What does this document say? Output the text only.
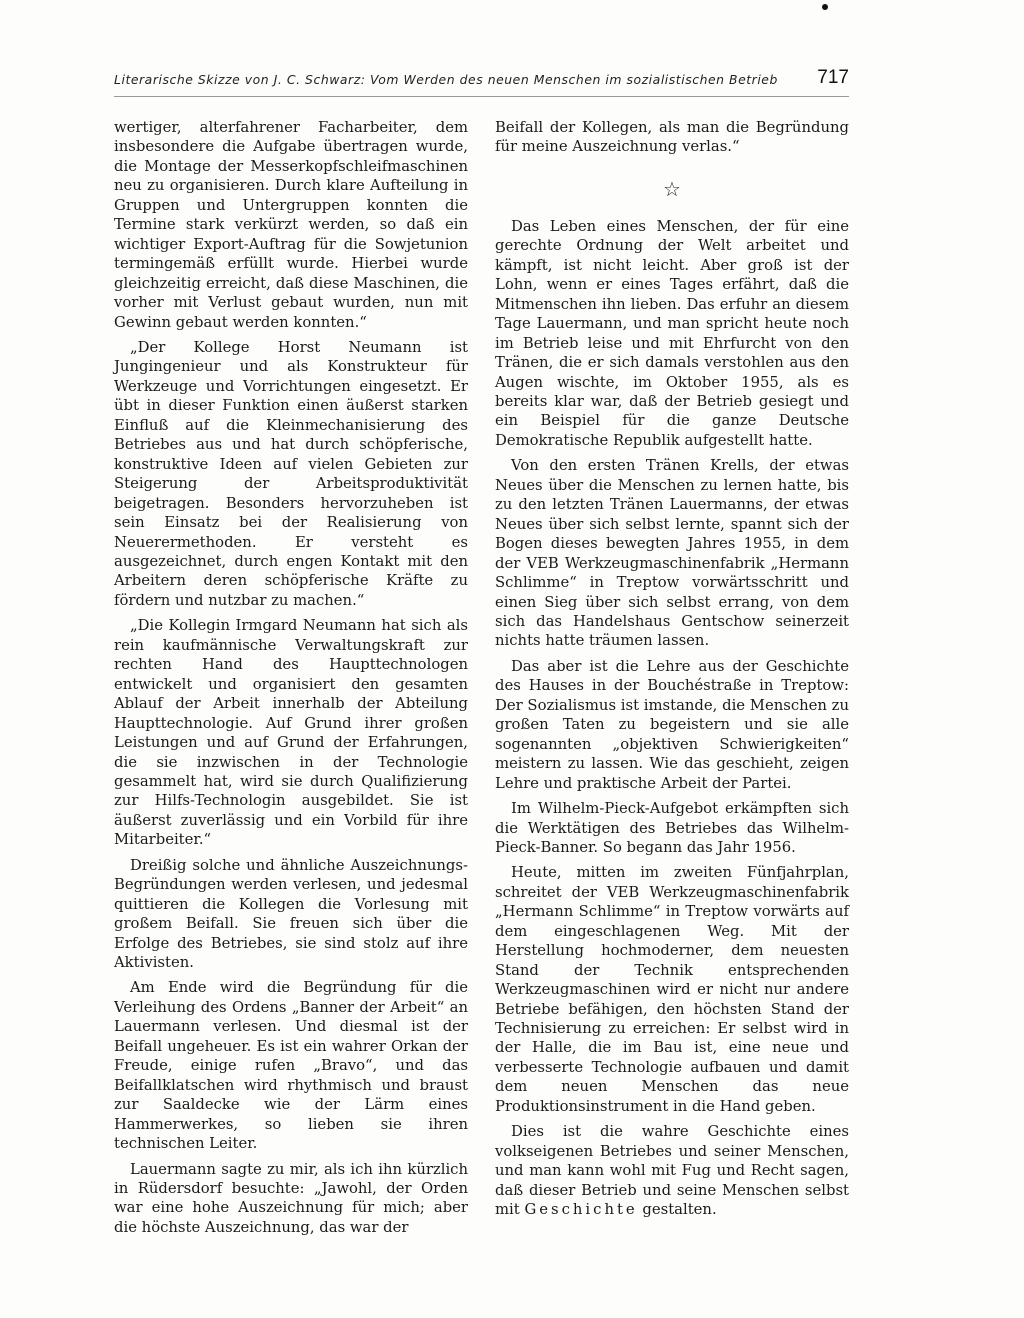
Literarische Skizze von J. C. Schwarz: Vom Werden des neuen Menschen im sozialistischen Betrieb 717

wertiger, alterfahrener Facharbeiter, dem insbesondere die Aufgabe übertragen wurde, die Montage der Messerkopfschleifmaschinen neu zu organisieren. Durch klare Aufteilung in Gruppen und Untergruppen konnten die Termine stark verkürzt werden, so daß ein wichtiger Export-Auftrag für die Sowjetunion termingemäß erfüllt wurde. Hierbei wurde gleichzeitig erreicht, daß diese Maschinen, die vorher mit Verlust gebaut wurden, nun mit Gewinn gebaut werden konnten.“

„Der Kollege Horst Neumann ist Jungingenieur und als Konstrukteur für Werkzeuge und Vorrichtungen eingesetzt. Er übt in dieser Funktion einen äußerst starken Einfluß auf die Kleinmechanisierung des Betriebes aus und hat durch schöpferische, konstruktive Ideen auf vielen Gebieten zur Steigerung der Arbeitsproduktivität beigetragen. Besonders hervorzuheben ist sein Einsatz bei der Realisierung von Neuerermethoden. Er versteht es ausgezeichnet, durch engen Kontakt mit den Arbeitern deren schöpferische Kräfte zu fördern und nutzbar zu machen.“

„Die Kollegin Irmgard Neumann hat sich als rein kaufmännische Verwaltungskraft zur rechten Hand des Haupttechnologen entwickelt und organisiert den gesamten Ablauf der Arbeit innerhalb der Abteilung Haupttechnologie. Auf Grund ihrer großen Leistungen und auf Grund der Erfahrungen, die sie inzwischen in der Technologie gesammelt hat, wird sie durch Qualifizierung zur Hilfs-Technologin ausgebildet. Sie ist äußerst zuverlässig und ein Vorbild für ihre Mitarbeiter.“

Dreißig solche und ähnliche Auszeichnungs-Begründungen werden verlesen, und jedesmal quittieren die Kollegen die Vorlesung mit großem Beifall. Sie freuen sich über die Erfolge des Betriebes, sie sind stolz auf ihre Aktivisten.

Am Ende wird die Begründung für die Verleihung des Ordens „Banner der Arbeit“ an Lauermann verlesen. Und diesmal ist der Beifall ungeheuer. Es ist ein wahrer Orkan der Freude, einige rufen „Bravo“, und das Beifallklatschen wird rhythmisch und braust zur Saaldecke wie der Lärm eines Hammerwerkes, so lieben sie ihren technischen Leiter.

Lauermann sagte zu mir, als ich ihn kürzlich in Rüdersdorf besuchte: „Jawohl, der Orden war eine hohe Auszeichnung für mich; aber die höchste Auszeichnung, das war der

Beifall der Kollegen, als man die Begründung für meine Auszeichnung verlas.“

☆

Das Leben eines Menschen, der für eine gerechte Ordnung der Welt arbeitet und kämpft, ist nicht leicht. Aber groß ist der Lohn, wenn er eines Tages erfährt, daß die Mitmenschen ihn lieben. Das erfuhr an diesem Tage Lauermann, und man spricht heute noch im Betrieb leise und mit Ehrfurcht von den Tränen, die er sich damals verstohlen aus den Augen wischte, im Oktober 1955, als es bereits klar war, daß der Betrieb gesiegt und ein Beispiel für die ganze Deutsche Demokratische Republik aufgestellt hatte.

Von den ersten Tränen Krells, der etwas Neues über die Menschen zu lernen hatte, bis zu den letzten Tränen Lauermanns, der etwas Neues über sich selbst lernte, spannt sich der Bogen dieses bewegten Jahres 1955, in dem der VEB Werkzeugmaschinenfabrik „Hermann Schlimme“ in Treptow vorwärtsschritt und einen Sieg über sich selbst errang, von dem sich das Handelshaus Gentschow seinerzeit nichts hatte träumen lassen.

Das aber ist die Lehre aus der Geschichte des Hauses in der Bouchéstraße in Treptow: Der Sozialismus ist imstande, die Menschen zu großen Taten zu begeistern und sie alle sogenannten „objektiven Schwierigkeiten“ meistern zu lassen. Wie das geschieht, zeigen Lehre und praktische Arbeit der Partei.

Im Wilhelm-Pieck-Aufgebot erkämpften sich die Werktätigen des Betriebes das Wilhelm-Pieck-Banner. So begann das Jahr 1956.

Heute, mitten im zweiten Fünfjahrplan, schreitet der VEB Werkzeugmaschinenfabrik „Hermann Schlimme“ in Treptow vorwärts auf dem eingeschlagenen Weg. Mit der Herstellung hochmoderner, dem neuesten Stand der Technik entsprechenden Werkzeugmaschinen wird er nicht nur andere Betriebe befähigen, den höchsten Stand der Technisierung zu erreichen: Er selbst wird in der Halle, die im Bau ist, eine neue und verbesserte Technologie aufbauen und damit dem neuen Menschen das neue Produktionsinstrument in die Hand geben.

Dies ist die wahre Geschichte eines volkseigenen Betriebes und seiner Menschen, und man kann wohl mit Fug und Recht sagen, daß dieser Betrieb und seine Menschen selbst mit Geschichte gestalten.
